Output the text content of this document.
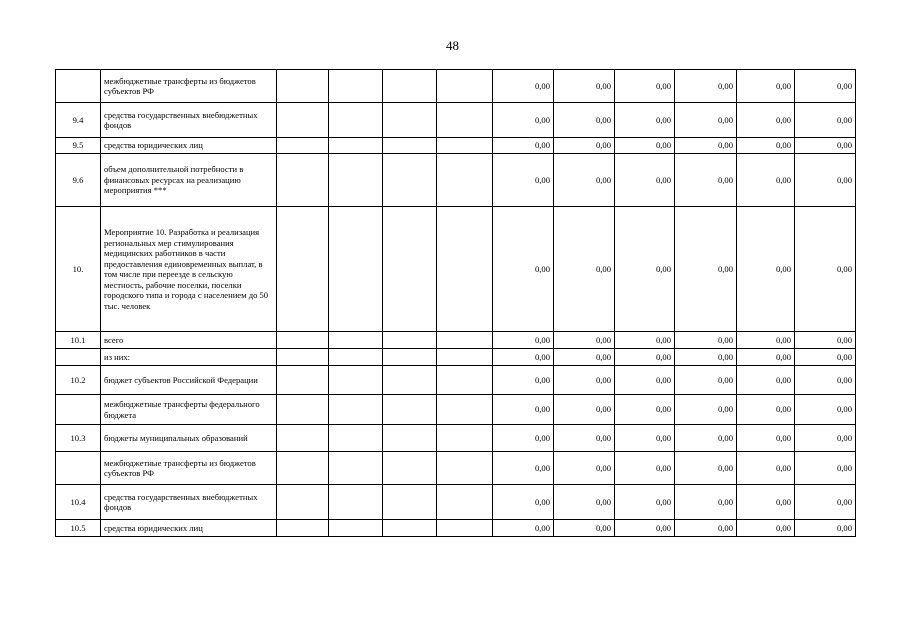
48
	межбюджетные трансферты из бюджетов субъектов РФ					0,00	0,00	0,00	0,00	0,00	0,00
9.4	средства государственных внебюджетных фондов					0,00	0,00	0,00	0,00	0,00	0,00
9.5	средства юридических лиц					0,00	0,00	0,00	0,00	0,00	0,00
9.6	объем дополнительной потребности в финансовых ресурсах на реализацию мероприятия ***					0,00	0,00	0,00	0,00	0,00	0,00
10.	Мероприятие 10. Разработка и реализация региональных мер стимулирования медицинских работников в части предоставления единовременных выплат, в том числе при переезде в сельскую местность, рабочие поселки, поселки городского типа и города с населением до 50 тыс. человек					0,00	0,00	0,00	0,00	0,00	0,00
10.1	всего					0,00	0,00	0,00	0,00	0,00	0,00
	из них:					0,00	0,00	0,00	0,00	0,00	0,00
10.2	бюджет субъектов Российской Федерации					0,00	0,00	0,00	0,00	0,00	0,00
	межбюджетные трансферты федерального бюджета					0,00	0,00	0,00	0,00	0,00	0,00
10.3	бюджеты муниципальных образований					0,00	0,00	0,00	0,00	0,00	0,00
	межбюджетные трансферты из бюджетов субъектов РФ					0,00	0,00	0,00	0,00	0,00	0,00
10.4	средства государственных внебюджетных фондов					0,00	0,00	0,00	0,00	0,00	0,00
10.5	средства юридических лиц					0,00	0,00	0,00	0,00	0,00	0,00
